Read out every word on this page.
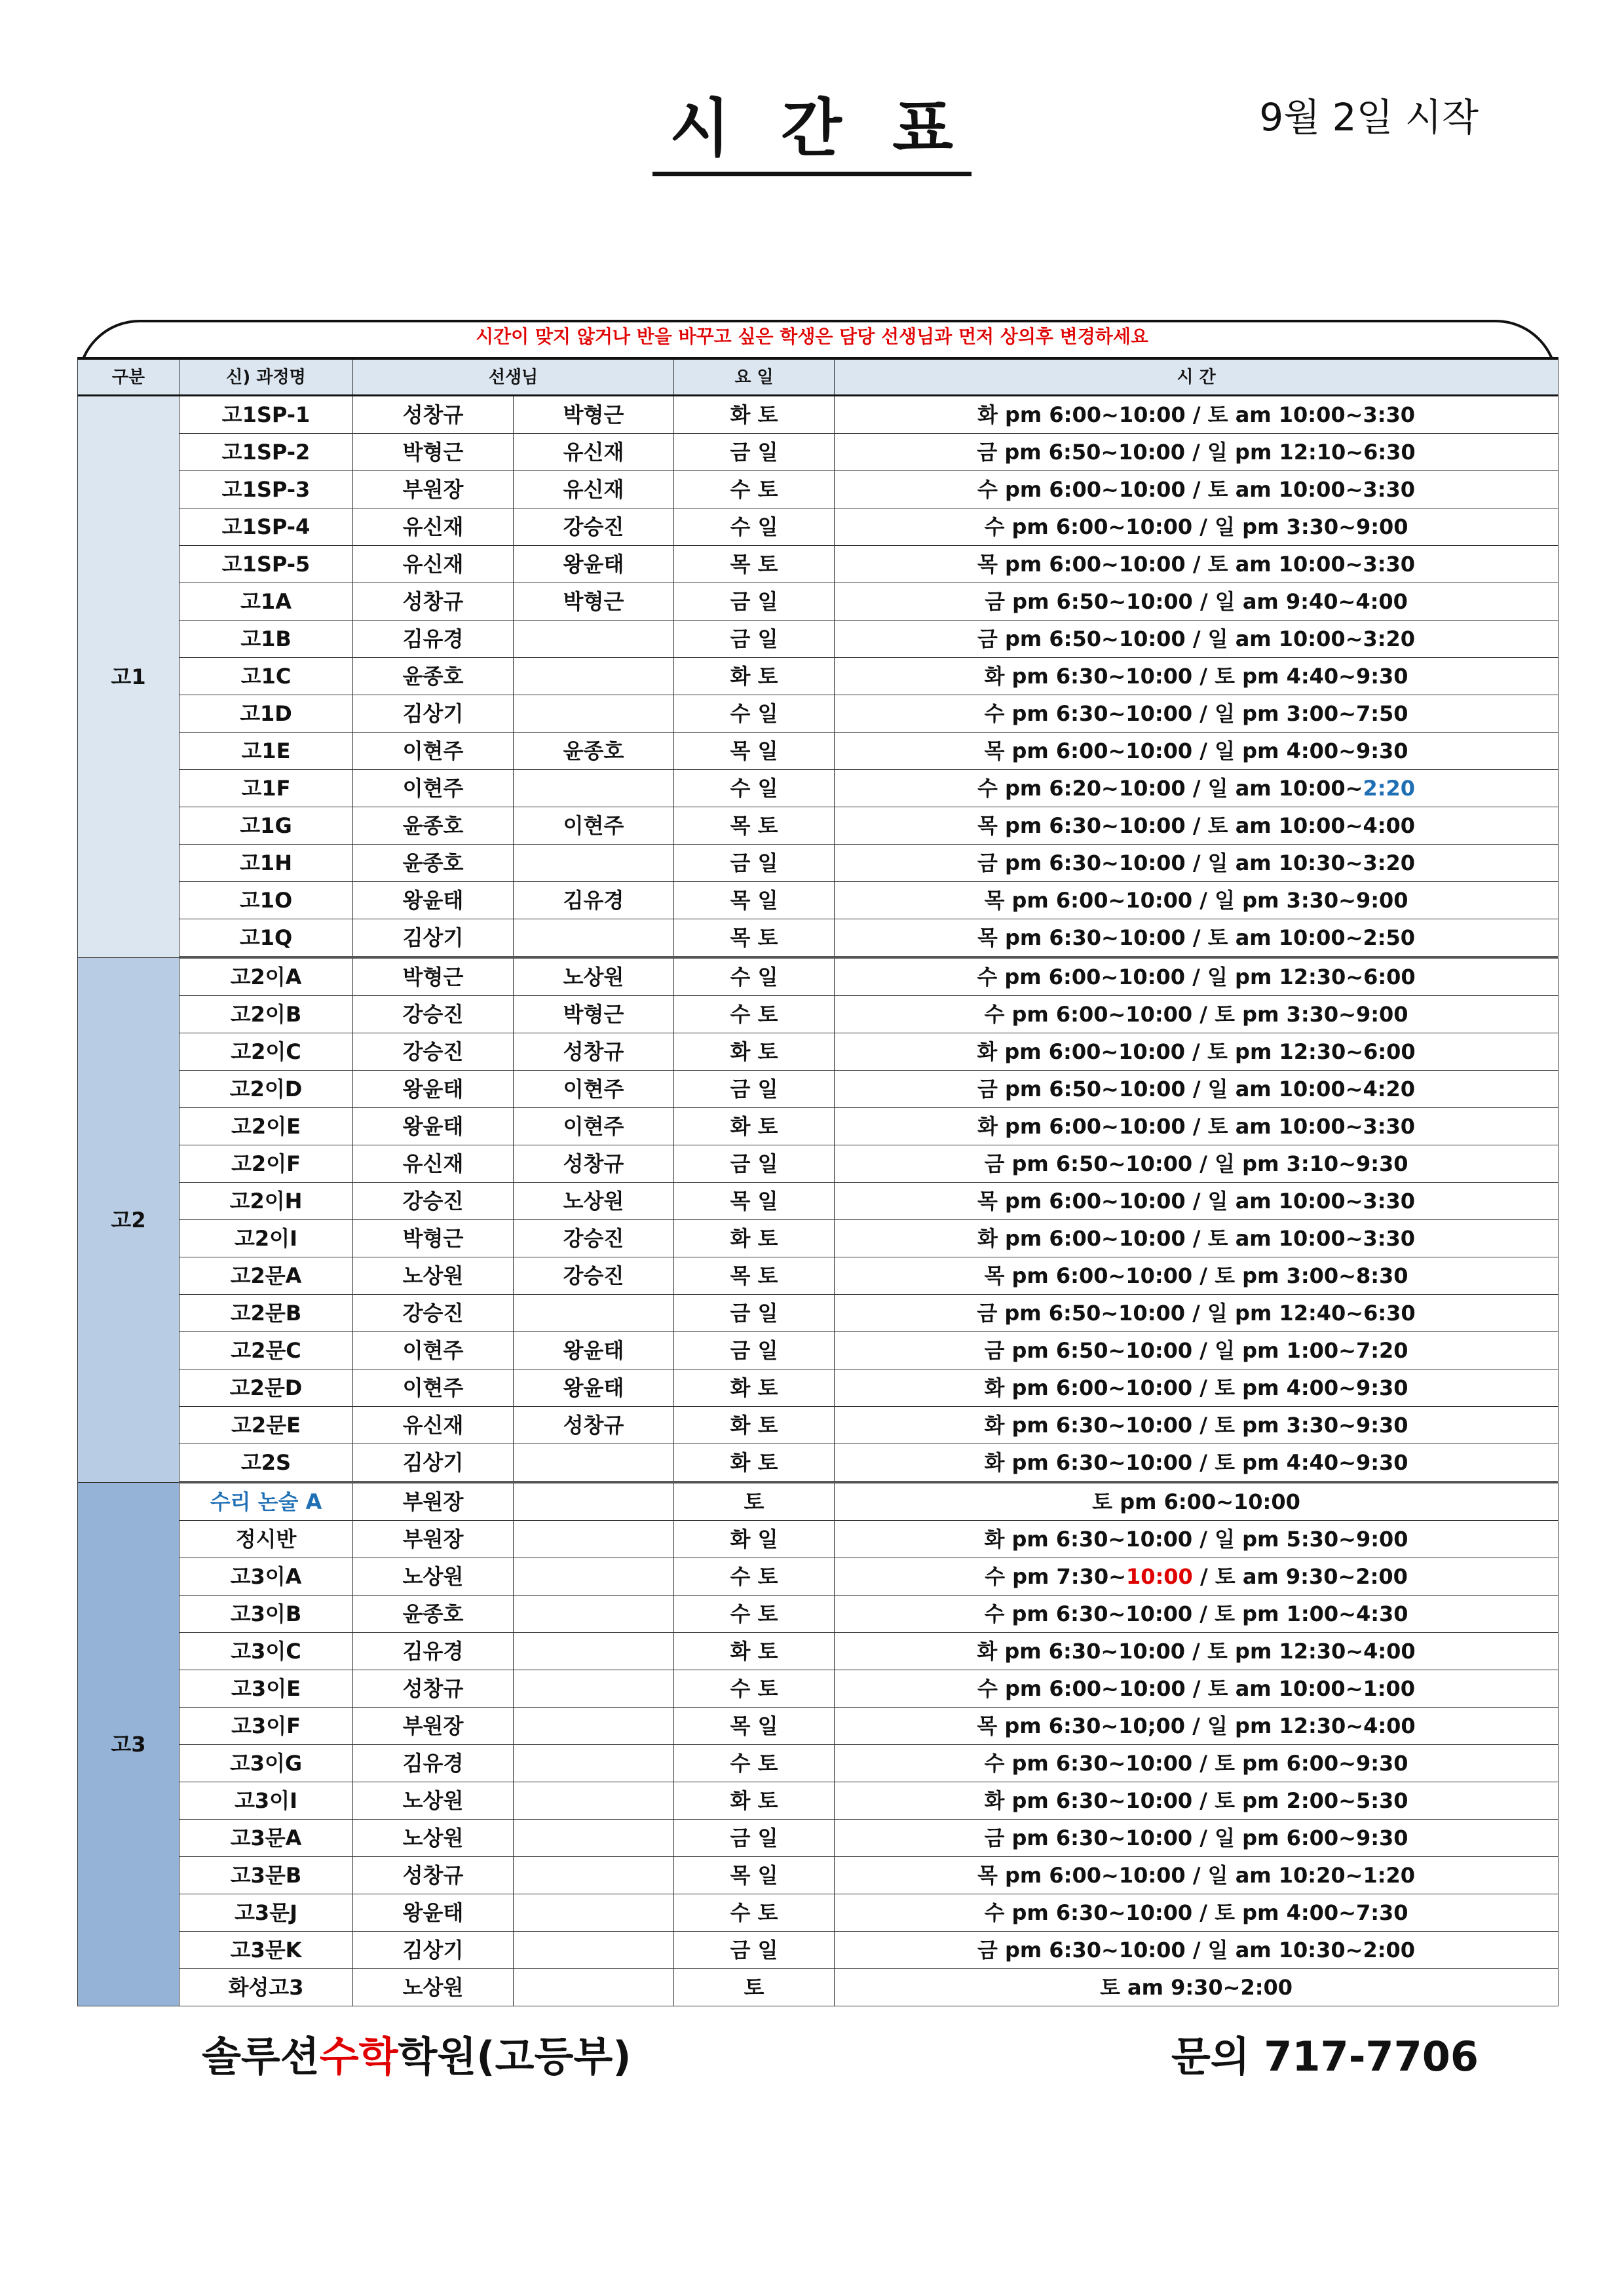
시 간 표	9월 2일 시작
시간이 맞지 않거나 반을 바꾸고 싶은 학생은 담당 선생님과 먼저 상의후 변경하세요
구분	신) 과정명	선생님		요 일	시 간
고1	고1SP-1	성창규	박형근	화 토	화 pm 6:00~10:00 / 토 am 10:00~3:30
	고1SP-2	박형근	유신재	금 일	금 pm 6:50~10:00 / 일 pm 12:10~6:30
	고1SP-3	부원장	유신재	수 토	수 pm 6:00~10:00 / 토 am 10:00~3:30
	고1SP-4	유신재	강승진	수 일	수 pm 6:00~10:00 / 일 pm 3:30~9:00
	고1SP-5	유신재	왕윤태	목 토	목 pm 6:00~10:00 / 토 am 10:00~3:30
	고1A	성창규	박형근	금 일	금 pm 6:50~10:00 / 일 am 9:40~4:00
	고1B	김유경		금 일	금 pm 6:50~10:00 / 일 am 10:00~3:20
	고1C	윤종호		화 토	화 pm 6:30~10:00 / 토 pm 4:40~9:30
	고1D	김상기		수 일	수 pm 6:30~10:00 / 일 pm 3:00~7:50
	고1E	이현주	윤종호	목 일	목 pm 6:00~10:00 / 일 pm 4:00~9:30
	고1F	이현주		수 일	수 pm 6:20~10:00 / 일 am 10:00~2:20
	고1G	윤종호	이현주	목 토	목 pm 6:30~10:00 / 토 am 10:00~4:00
	고1H	윤종호		금 일	금 pm 6:30~10:00 / 일 am 10:30~3:20
	고1O	왕윤태	김유경	목 일	목 pm 6:00~10:00 / 일 pm 3:30~9:00
	고1Q	김상기		목 토	목 pm 6:30~10:00 / 토 am 10:00~2:50
고2	고2이A	박형근	노상원	수 일	수 pm 6:00~10:00 / 일 pm 12:30~6:00
	고2이B	강승진	박형근	수 토	수 pm 6:00~10:00 / 토 pm 3:30~9:00
	고2이C	강승진	성창규	화 토	화 pm 6:00~10:00 / 토 pm 12:30~6:00
	고2이D	왕윤태	이현주	금 일	금 pm 6:50~10:00 / 일 am 10:00~4:20
	고2이E	왕윤태	이현주	화 토	화 pm 6:00~10:00 / 토 am 10:00~3:30
	고2이F	유신재	성창규	금 일	금 pm 6:50~10:00 / 일 pm 3:10~9:30
	고2이H	강승진	노상원	목 일	목 pm 6:00~10:00 / 일 am 10:00~3:30
	고2이I	박형근	강승진	화 토	화 pm 6:00~10:00 / 토 am 10:00~3:30
	고2문A	노상원	강승진	목 토	목 pm 6:00~10:00 / 토 pm 3:00~8:30
	고2문B	강승진		금 일	금 pm 6:50~10:00 / 일 pm 12:40~6:30
	고2문C	이현주	왕윤태	금 일	금 pm 6:50~10:00 / 일 pm 1:00~7:20
	고2문D	이현주	왕윤태	화 토	화 pm 6:00~10:00 / 토 pm 4:00~9:30
	고2문E	유신재	성창규	화 토	화 pm 6:30~10:00 / 토 pm 3:30~9:30
	고2S	김상기		화 토	화 pm 6:30~10:00 / 토 pm 4:40~9:30
고3	수리 논술 A	부원장		토	토 pm 6:00~10:00
	정시반	부원장		화 일	화 pm 6:30~10:00 / 일 pm 5:30~9:00
	고3이A	노상원		수 토	수 pm 7:30~10:00 / 토 am 9:30~2:00
	고3이B	윤종호		수 토	수 pm 6:30~10:00 / 토 pm 1:00~4:30
	고3이C	김유경		화 토	화 pm 6:30~10:00 / 토 pm 12:30~4:00
	고3이E	성창규		수 토	수 pm 6:00~10:00 / 토 am 10:00~1:00
	고3이F	부원장		목 일	목 pm 6:30~10;00 / 일 pm 12:30~4:00
	고3이G	김유경		수 토	수 pm 6:30~10:00 / 토 pm 6:00~9:30
	고3이I	노상원		화 토	화 pm 6:30~10:00 / 토 pm 2:00~5:30
	고3문A	노상원		금 일	금 pm 6:30~10:00 / 일 pm 6:00~9:30
	고3문B	성창규		목 일	목 pm 6:00~10:00 / 일 am 10:20~1:20
	고3문J	왕윤태		수 토	수 pm 6:30~10:00 / 토 pm 4:00~7:30
	고3문K	김상기		금 일	금 pm 6:30~10:00 / 일 am 10:30~2:00
	화성고3	노상원		토	토 am 9:30~2:00
솔루션수학학원(고등부)	문의 717-7706
